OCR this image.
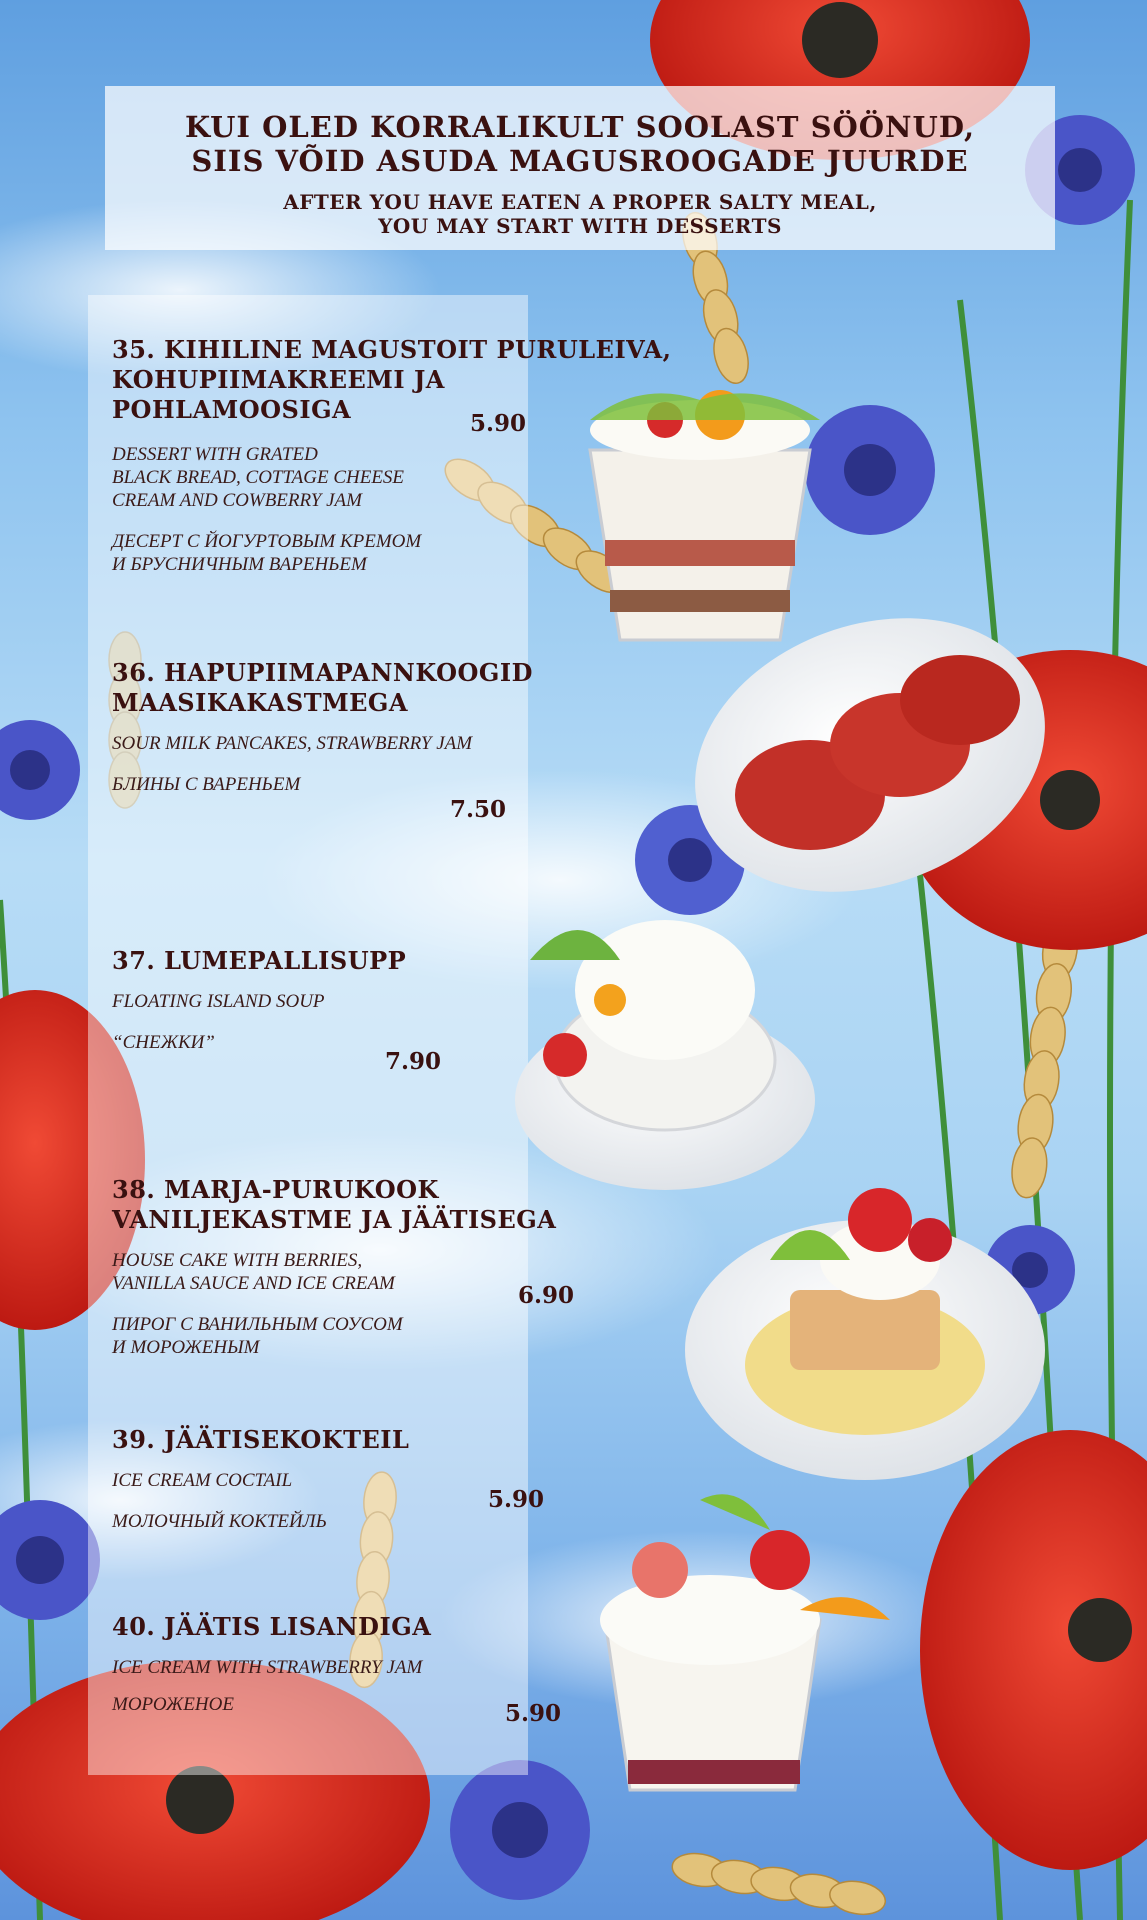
KUI OLED KORRALIKULT SOOLAST SÖÖNUD,
SIIS VÕID ASUDA MAGUSROOGADE JUURDE
AFTER YOU HAVE EATEN A PROPER SALTY MEAL,
YOU MAY START WITH DESSERTS
35. KIHILINE MAGUSTOIT PURULEIVA,
KOHUPIIMAKREEMI JA
POHLAMOOSIGA
DESSERT WITH GRATED
BLACK BREAD, COTTAGE CHEESE
CREAM AND COWBERRY JAM
ДЕСЕРТ С ЙОГУРТОВЫМ КРЕМОМ
И БРУСНИЧНЫМ ВАРЕНЬЕМ
5.90
36. HAPUPIIMAPANNKOOGID
MAASIKAKASTMEGA
SOUR MILK PANCAKES, STRAWBERRY JAM
БЛИНЫ С ВАРЕНЬЕМ
7.50
37. LUMEPALLISUPP
FLOATING ISLAND SOUP
“СНЕЖКИ”
7.90
38. MARJA-PURUKOOK
VANILJEKASTME JA JÄÄTISEGA
HOUSE CAKE WITH BERRIES,
VANILLA SAUCE AND ICE CREAM
ПИРОГ С ВАНИЛЬНЫМ СОУСОМ
И МОРОЖЕНЫМ
6.90
39. JÄÄTISEKOKTEIL
ICE CREAM COCTAIL
МОЛОЧНЫЙ КОКТЕЙЛЬ
5.90
40. JÄÄTIS LISANDIGA
ICE CREAM WITH STRAWBERRY JAM
МОРОЖЕНОЕ	5.90
